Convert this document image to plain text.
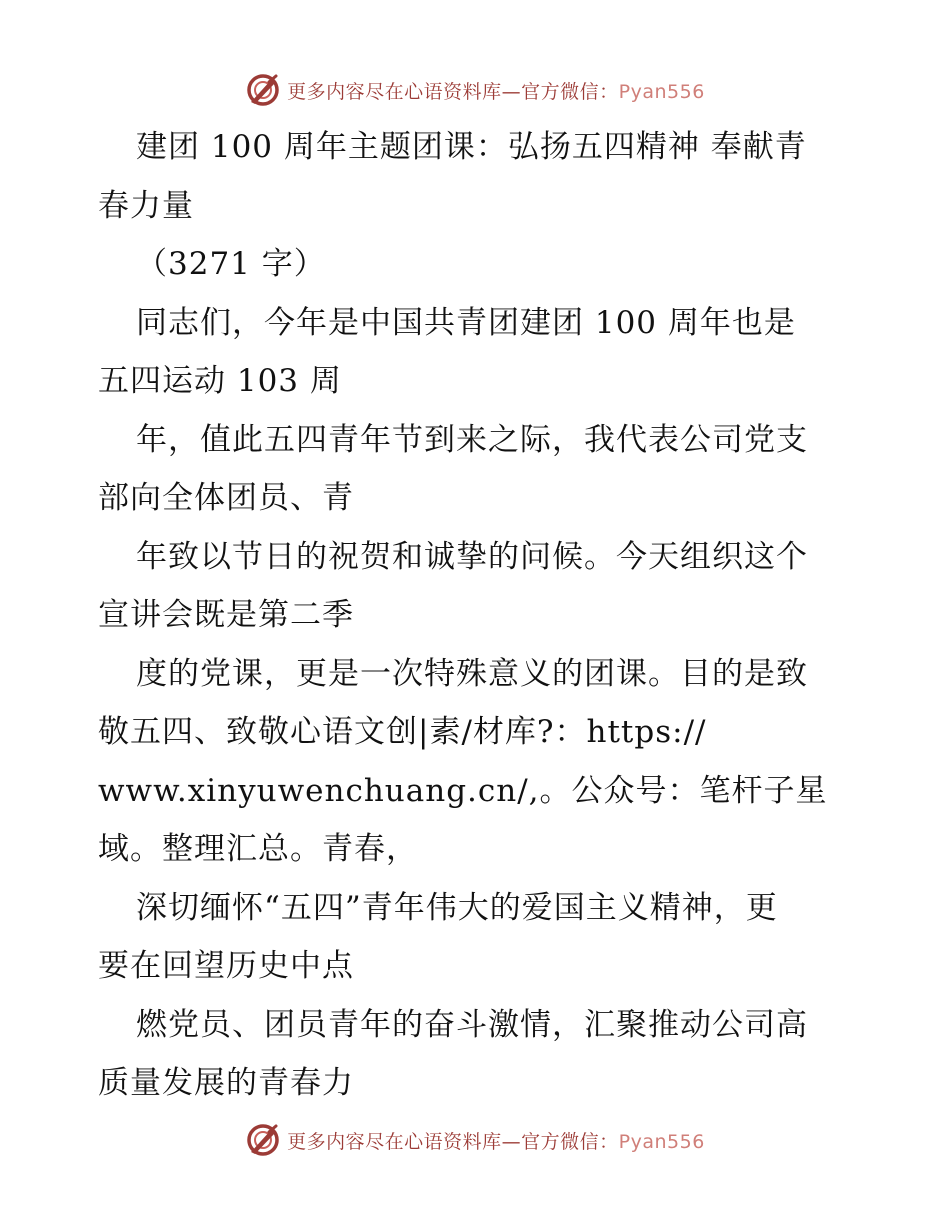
更多内容尽在心语资料库—官方微信：Pyan556
建团 100 周年主题团课：弘扬五四精神 奉献青
春力量
（3271 字）
同志们，今年是中国共青团建团 100 周年也是
五四运动 103 周
年，值此五四青年节到来之际，我代表公司党支
部向全体团员、青
年致以节日的祝贺和诚挚的问候。今天组织这个
宣讲会既是第二季
度的党课，更是一次特殊意义的团课。目的是致
敬五四、致敬心语文创|素/材库?：https://
www.xinyuwenchuang.cn/,。公众号：笔杆子星
域。整理汇总。青春，
深切缅怀“五四”青年伟大的爱国主义精神，更
要在回望历史中点
燃党员、团员青年的奋斗激情，汇聚推动公司高
质量发展的青春力
更多内容尽在心语资料库—官方微信：Pyan556
